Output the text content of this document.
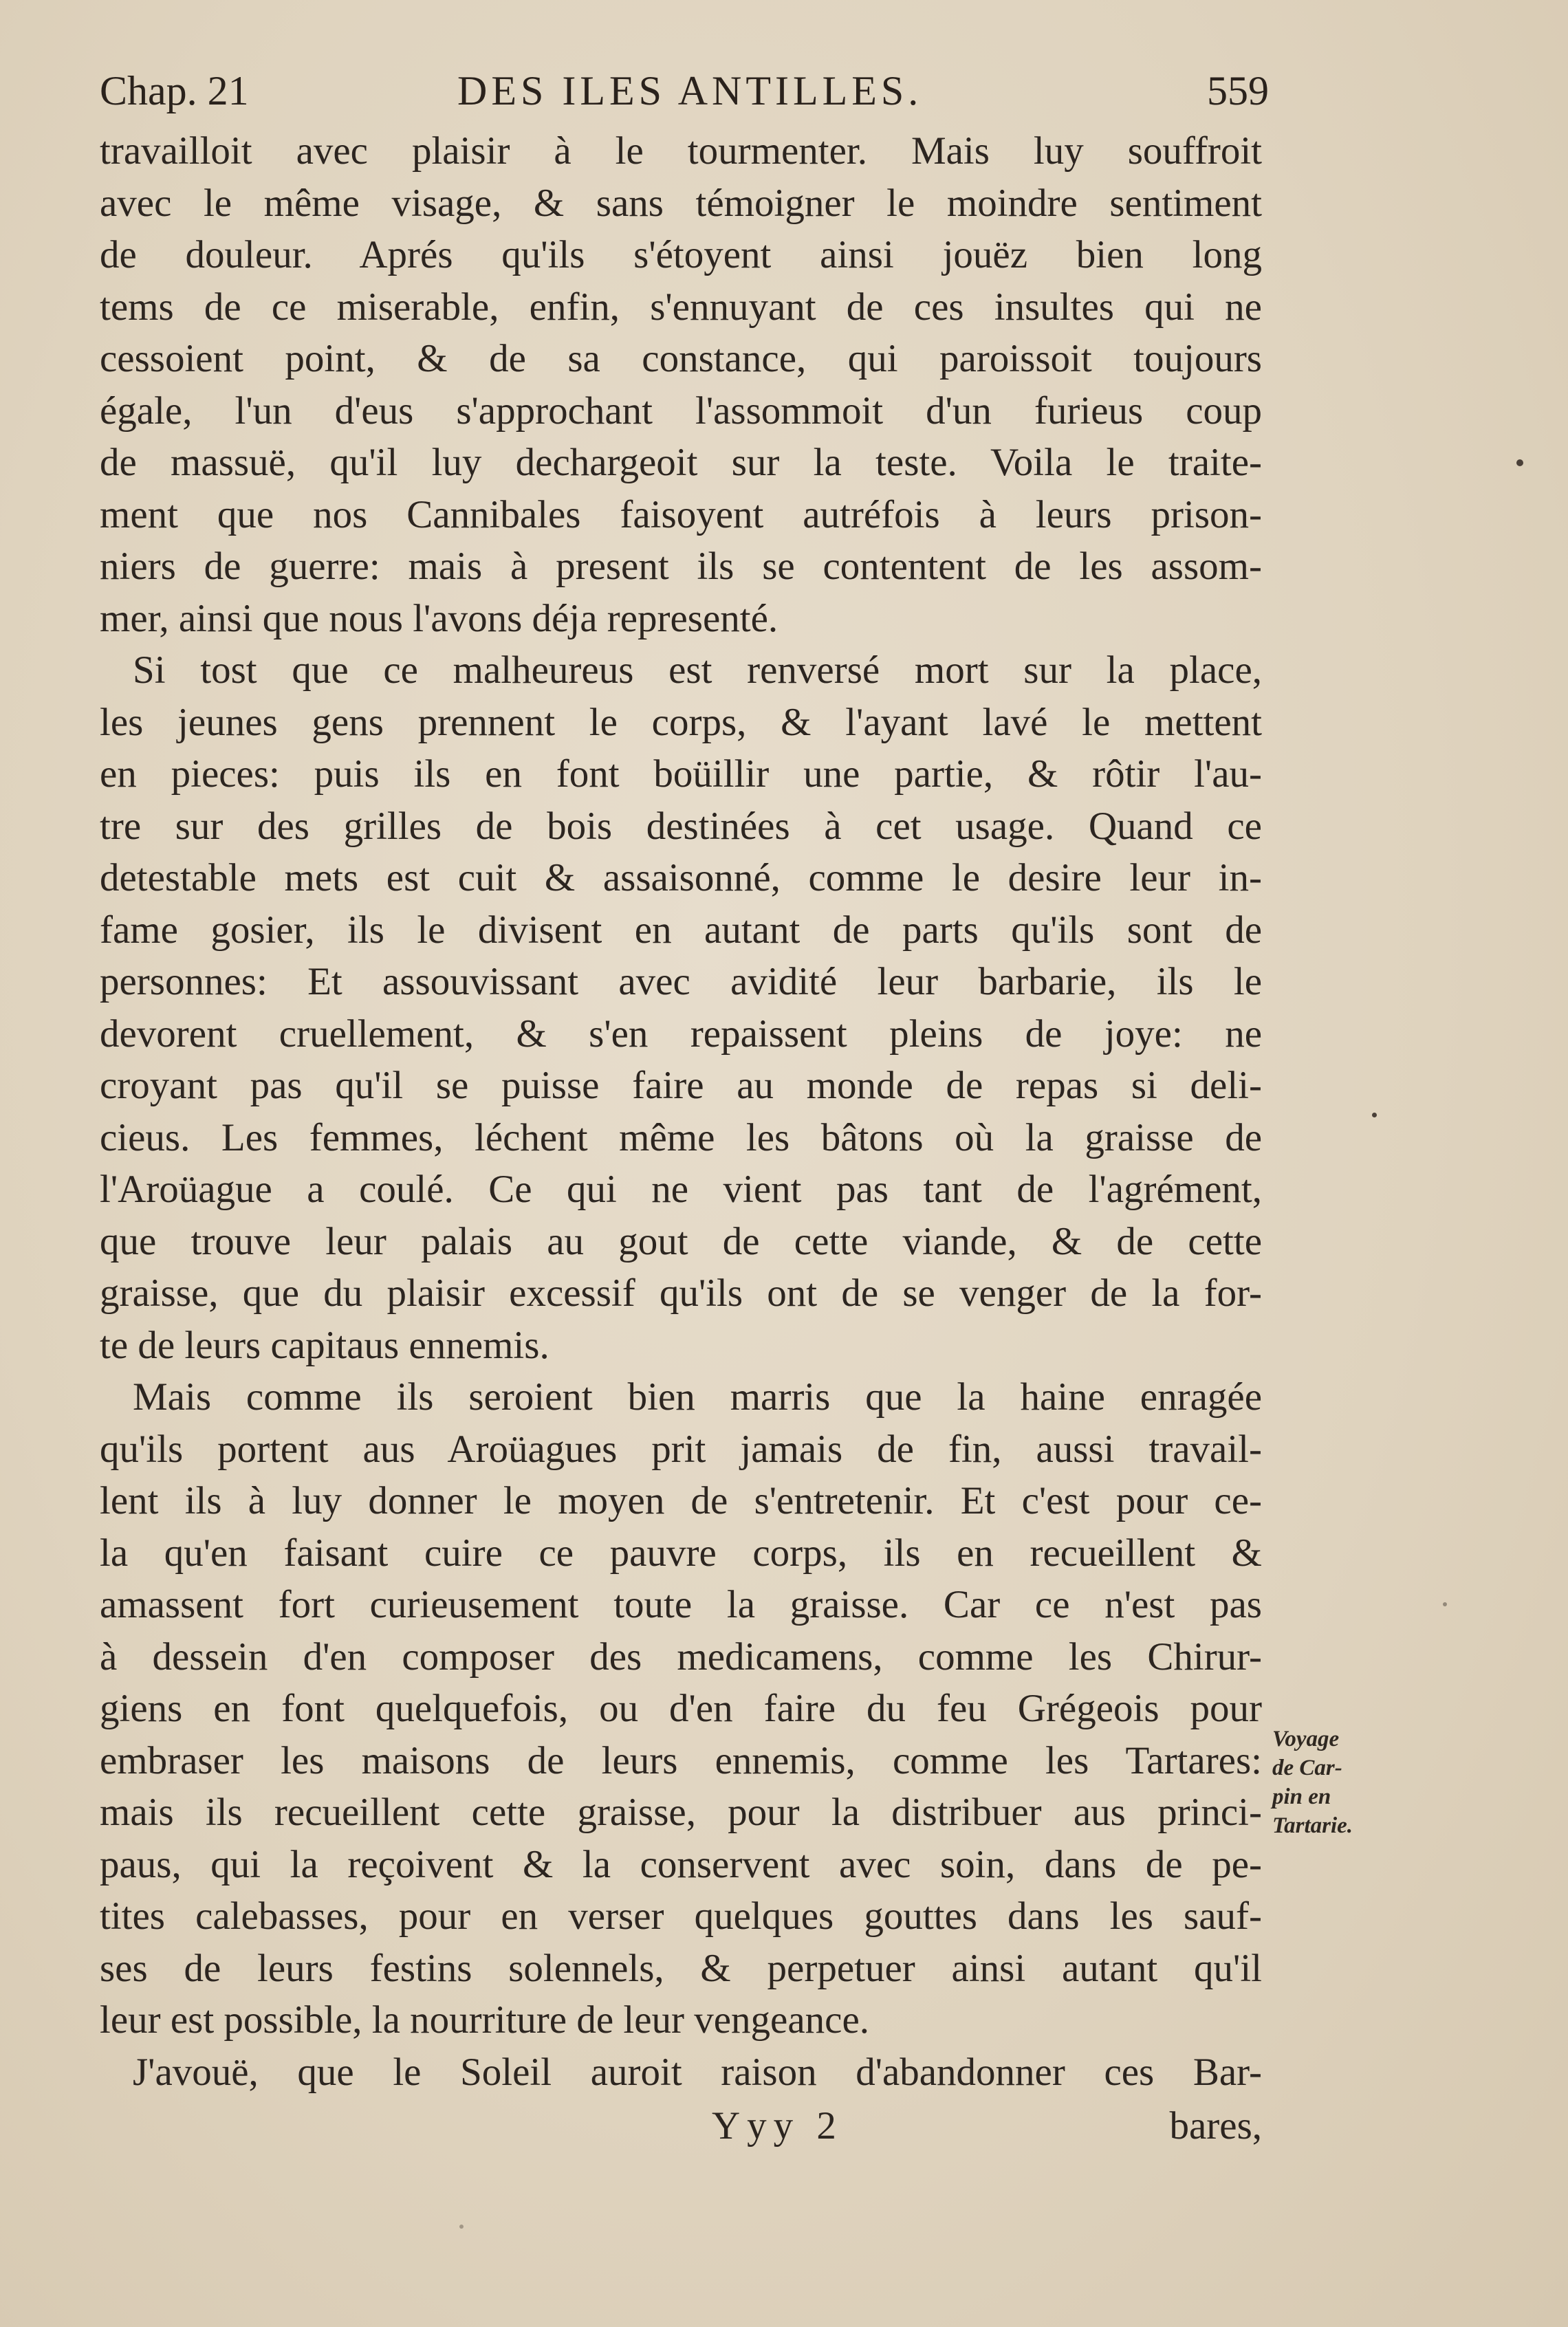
Chap. 21	DES ILES ANTILLES.	559
travailloit avec plaisir à le tourmenter. Mais luy souffroit
avec le même visage, & sans témoigner le moindre sentiment
de douleur. Aprés qu'ils s'étoyent ainsi jouëz bien long
tems de ce miserable, enfin, s'ennuyant de ces insultes qui ne
cessoient point, & de sa constance, qui paroissoit toujours
égale, l'un d'eus s'approchant l'assommoit d'un furieus coup
de massuë, qu'il luy dechargeoit sur la teste. Voila le traite-
ment que nos Cannibales faisoyent autréfois à leurs prison-
niers de guerre: mais à present ils se contentent de les assom-
mer, ainsi que nous l'avons déja representé.
Si tost que ce malheureus est renversé mort sur la place,
les jeunes gens prennent le corps, & l'ayant lavé le mettent
en pieces: puis ils en font boüillir une partie, & rôtir l'au-
tre sur des grilles de bois destinées à cet usage. Quand ce
detestable mets est cuit & assaisonné, comme le desire leur in-
fame gosier, ils le divisent en autant de parts qu'ils sont de
personnes: Et assouvissant avec avidité leur barbarie, ils le
devorent cruellement, & s'en repaissent pleins de joye: ne
croyant pas qu'il se puisse faire au monde de repas si deli-
cieus. Les femmes, léchent même les bâtons où la graisse de
l'Aroüague a coulé. Ce qui ne vient pas tant de l'agrément,
que trouve leur palais au gout de cette viande, & de cette
graisse, que du plaisir excessif qu'ils ont de se venger de la for-
te de leurs capitaus ennemis.
Mais comme ils seroient bien marris que la haine enragée
qu'ils portent aus Aroüagues prit jamais de fin, aussi travail-
lent ils à luy donner le moyen de s'entretenir. Et c'est pour ce-
la qu'en faisant cuire ce pauvre corps, ils en recueillent &
amassent fort curieusement toute la graisse. Car ce n'est pas
à dessein d'en composer des medicamens, comme les Chirur-
giens en font quelquefois, ou d'en faire du feu Grégeois pour
embraser les maisons de leurs ennemis, comme les Tartares:
mais ils recueillent cette graisse, pour la distribuer aus princi-
paus, qui la reçoivent & la conservent avec soin, dans de pe-
tites calebasses, pour en verser quelques gouttes dans les sauf-
ses de leurs festins solennels, & perpetuer ainsi autant qu'il
leur est possible, la nourriture de leur vengeance.
J'avouë, que le Soleil auroit raison d'abandonner ces Bar-
Voyage
de Car-
pin en
Tartarie.
Yyy 2	bares,
